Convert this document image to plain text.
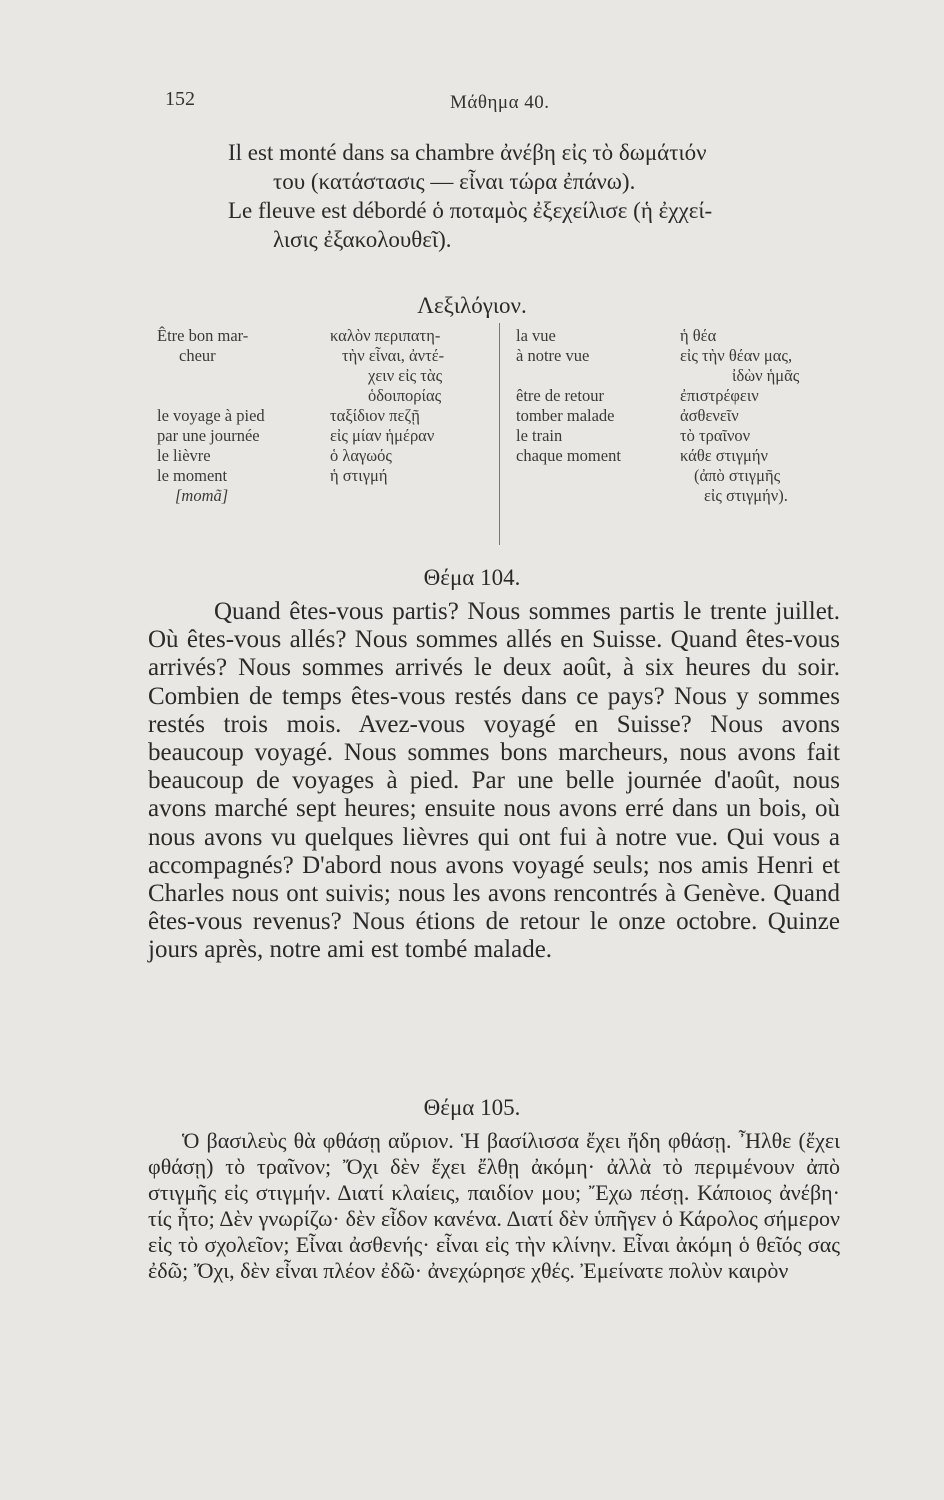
152	Μάθημα 40.

Il est monté dans sa chambre ἀνέβη εἰς τὸ δωμάτιόν

του (κατάστασις — εἶναι τώρα ἐπάνω).

Le fleuve est débordé ὁ ποταμὸς ἐξεχείλισε (ἡ ἐχχεί-

λισις ἐξακολουθεῖ).

Λεξιλόγιον.
Être bon mar-
cheur
le voyage à pied
par une journée
le lièvre
le moment
[momã]
καλὸν περιπατη-
τὴν εἶναι, ἀντέ-
χειν εἰς τὰς
ὁδοιπορίας
ταξίδιον πεζῇ
εἰς μίαν ἡμέραν
ὁ λαγωός
ἡ στιγμή
la vue
à notre vue
être de retour
tomber malade
le train
chaque moment
ἡ θέα
εἰς τὴν θέαν μας,
ἰδὼν ἡμᾶς
ἐπιστρέφειν
ἀσθενεῖν
τὸ τραῖνον
κάθε στιγμήν
(ἀπὸ στιγμῆς
εἰς στιγμήν).
Θέμα 104.

Quand êtes-vous partis? Nous sommes partis le trente juillet. Où êtes-vous allés? Nous sommes allés en Suisse. Quand êtes-vous arrivés? Nous sommes arrivés le deux août, à six heures du soir. Combien de temps êtes-vous restés dans ce pays? Nous y sommes restés trois mois. Avez-vous voyagé en Suisse? Nous avons beaucoup voyagé. Nous sommes bons marcheurs, nous avons fait beaucoup de voyages à pied. Par une belle journée d'août, nous avons marché sept heures; ensuite nous avons erré dans un bois, où nous avons vu quelques lièvres qui ont fui à notre vue. Qui vous a accompagnés? D'abord nous avons voyagé seuls; nos amis Henri et Charles nous ont suivis; nous les avons rencontrés à Genève. Quand êtes-vous revenus? Nous étions de retour le onze octobre. Quinze jours après, notre ami est tombé malade.

Θέμα 105.

Ὁ βασιλεὺς θὰ φθάσῃ αὔριον. Ἡ βασίλισσα ἔχει ἤδη φθάσῃ. Ἦλθε (ἔχει φθάσῃ) τὸ τραῖνον; Ὄχι δὲν ἔχει ἔλθῃ ἀκόμη· ἀλλὰ τὸ περιμένουν ἀπὸ στιγμῆς εἰς στιγμήν. Διατί κλαίεις, παιδίον μου; Ἔχω πέσῃ. Κάποιος ἀνέβη· τίς ἦτο; Δὲν γνωρίζω· δὲν εἶδον κανένα. Διατί δὲν ὑπῆγεν ὁ Κάρολος σήμερον εἰς τὸ σχολεῖον; Εἶναι ἀσθενής· εἶναι εἰς τὴν κλίνην. Εἶναι ἀκόμη ὁ θεῖός σας ἐδῶ; Ὄχι, δὲν εἶναι πλέον ἐδῶ· ἀνεχώρησε χθές. Ἐμείνατε πολὺν καιρὸν
